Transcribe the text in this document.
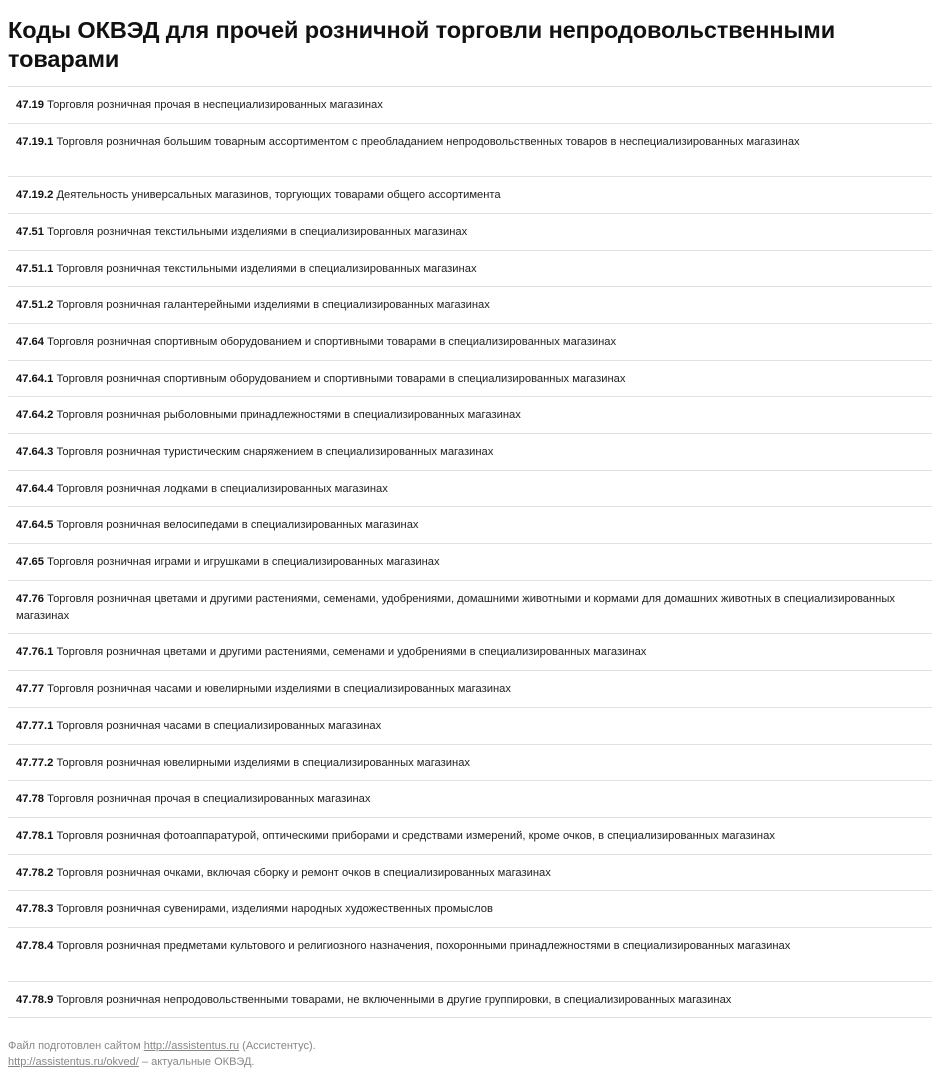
Коды ОКВЭД для прочей розничной торговли непродовольственными товарами
47.19 Торговля розничная прочая в неспециализированных магазинах
47.19.1 Торговля розничная большим товарным ассортиментом с преобладанием непродовольственных товаров в неспециализированных магазинах
47.19.2 Деятельность универсальных магазинов, торгующих товарами общего ассортимента
47.51 Торговля розничная текстильными изделиями в специализированных магазинах
47.51.1 Торговля розничная текстильными изделиями в специализированных магазинах
47.51.2 Торговля розничная галантерейными изделиями в специализированных магазинах
47.64 Торговля розничная спортивным оборудованием и спортивными товарами в специализированных магазинах
47.64.1 Торговля розничная спортивным оборудованием и спортивными товарами в специализированных магазинах
47.64.2 Торговля розничная рыболовными принадлежностями в специализированных магазинах
47.64.3 Торговля розничная туристическим снаряжением в специализированных магазинах
47.64.4 Торговля розничная лодками в специализированных магазинах
47.64.5 Торговля розничная велосипедами в специализированных магазинах
47.65 Торговля розничная играми и игрушками в специализированных магазинах
47.76 Торговля розничная цветами и другими растениями, семенами, удобрениями, домашними животными и кормами для домашних животных в специализированных магазинах
47.76.1 Торговля розничная цветами и другими растениями, семенами и удобрениями в специализированных магазинах
47.77 Торговля розничная часами и ювелирными изделиями в специализированных магазинах
47.77.1 Торговля розничная часами в специализированных магазинах
47.77.2 Торговля розничная ювелирными изделиями в специализированных магазинах
47.78 Торговля розничная прочая в специализированных магазинах
47.78.1 Торговля розничная фотоаппаратурой, оптическими приборами и средствами измерений, кроме очков, в специализированных магазинах
47.78.2 Торговля розничная очками, включая сборку и ремонт очков в специализированных магазинах
47.78.3 Торговля розничная сувенирами, изделиями народных художественных промыслов
47.78.4 Торговля розничная предметами культового и религиозного назначения, похоронными принадлежностями в специализированных магазинах
47.78.9 Торговля розничная непродовольственными товарами, не включенными в другие группировки, в специализированных магазинах
Файл подготовлен сайтом http://assistentus.ru (Ассистентус).
http://assistentus.ru/okved/ – актуальные ОКВЭД.
